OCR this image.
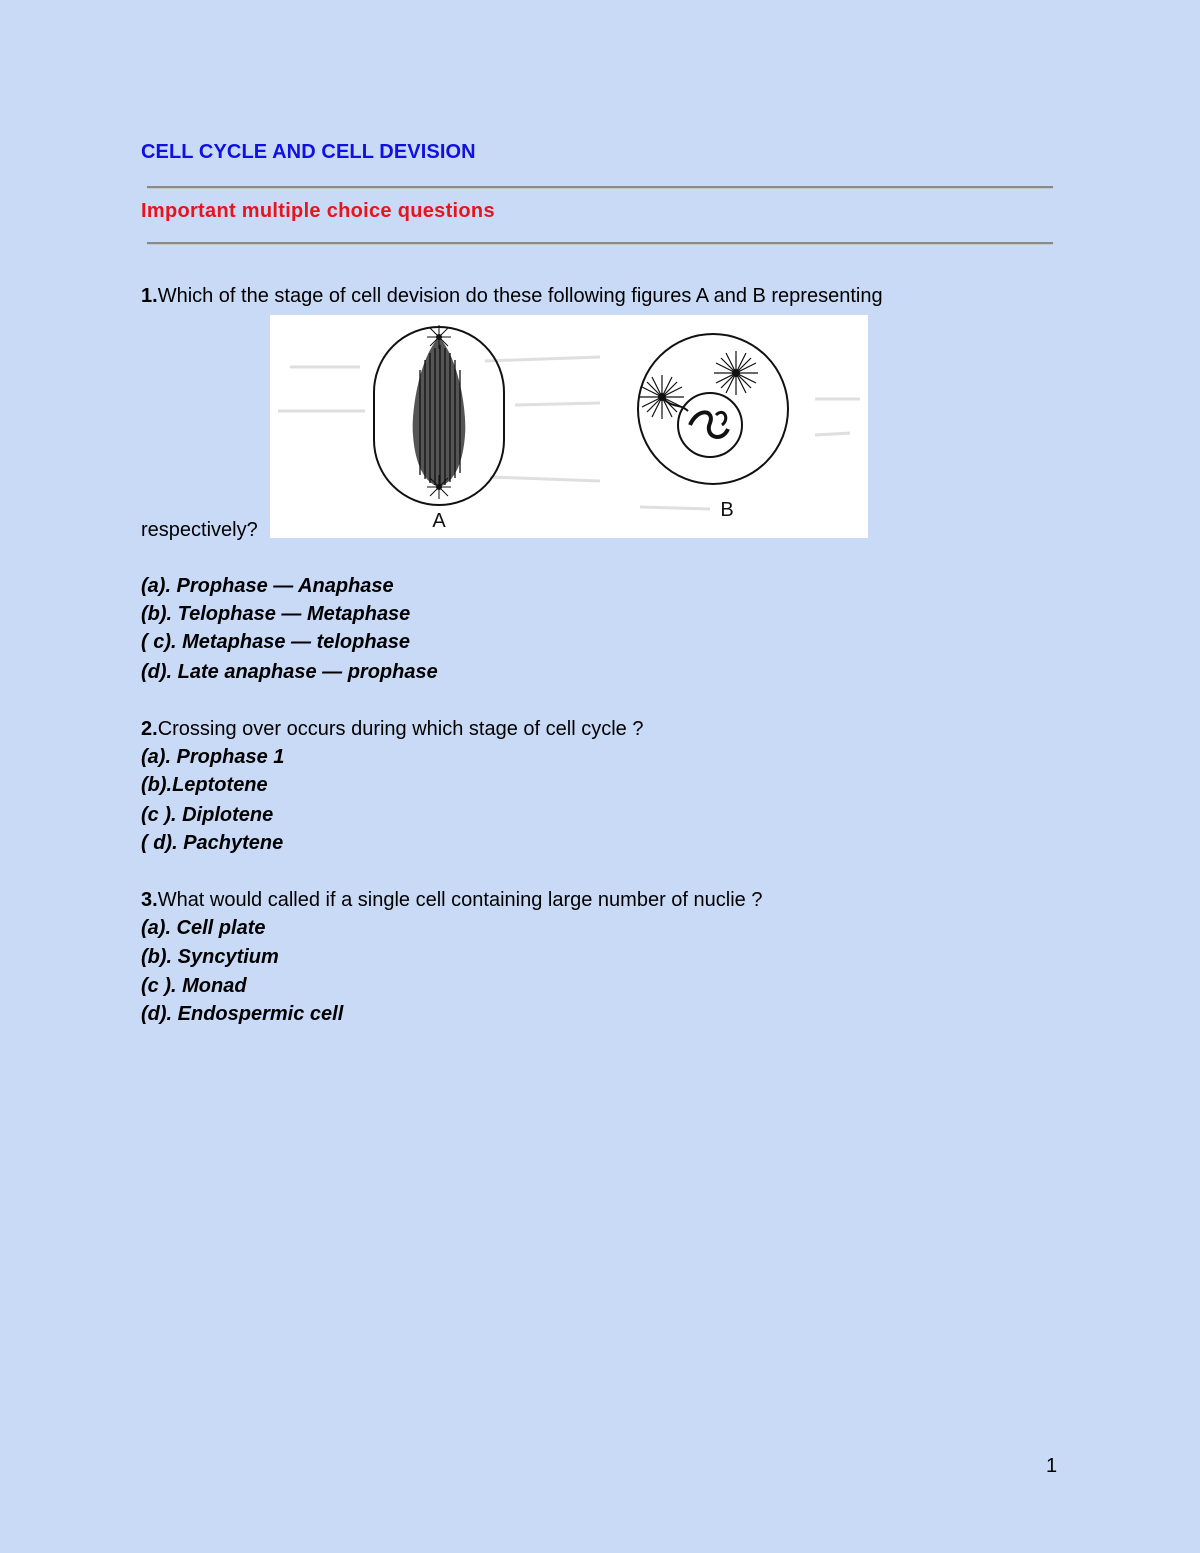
CELL CYCLE AND CELL DEVISION
Important multiple choice questions
1.Which of the stage of cell devision do these following figures A and B representing
A	B
respectively?
(a). Prophase — Anaphase
(b). Telophase — Metaphase
( c). Metaphase — telophase
(d). Late anaphase — prophase
2.Crossing over occurs during which stage of cell cycle ?
(a). Prophase 1
(b).Leptotene
(c ). Diplotene
( d). Pachytene
3.What would called if a single cell containing large number of nuclie ?
(a). Cell plate
(b). Syncytium
(c ). Monad
(d). Endospermic cell
1
